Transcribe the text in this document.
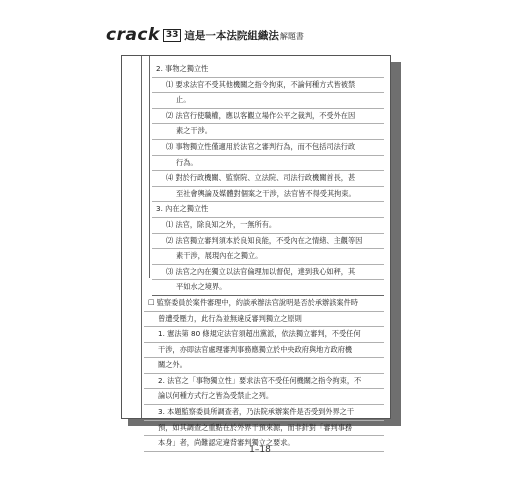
crack 33 這是一本法院組織法解題書
2. 事物之獨立性
⑴ 要求法官不受其他機關之指令拘束，不論何種方式皆被禁
止。
⑵ 法官行使職權，應以客觀立場作公平之裁判，不受外在因
素之干涉。
⑶ 事物獨立性僅適用於法官之審判行為，而不包括司法行政
行為。
⑷ 對於行政機關、監察院、立法院、司法行政機關首長，甚
至社會輿論及媒體對個案之干涉，法官皆不得受其拘束。
3. 內在之獨立性
⑴ 法官，除良知之外，一無所有。
⑵ 法官獨立審判須本於良知良能，不受內在之情緒、主觀等因
素干涉，展現內在之獨立。
⑶ 法官之內在獨立以法官倫理加以督促，達到我心如秤，其
平如水之境界。
☐ 監察委員於案件審理中，約談承辦法官說明是否於承辦該案件時
曾遭受壓力，此行為並無違反審判獨立之原則
1. 憲法第 80 條規定法官須超出黨派，依法獨立審判，不受任何
干涉，亦即法官處理審判事務應獨立於中央政府與地方政府機
關之外。
2. 法官之「事物獨立性」要求法官不受任何機關之指令拘束，不
論以何種方式行之皆為受禁止之列。
3. 本題監察委員所調查者，乃法院承辦案件是否受到外界之干
預，如其調查之重點在於外界干預來源，而非針對「審判事務
本身」者，尚難認定違背審判獨立之要求。
1–18
